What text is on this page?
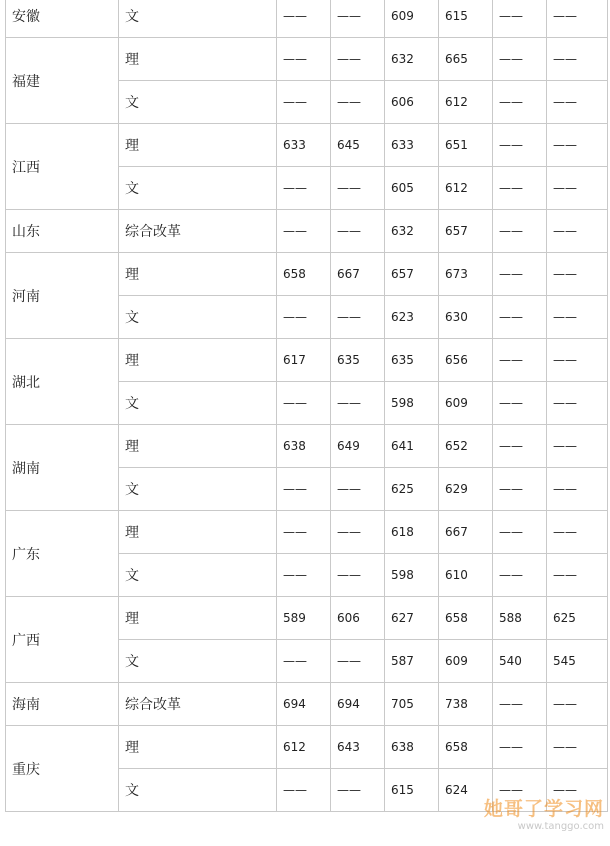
安徽	文	——	——	609	615	——	——
福建	理	——	——	632	665	——	——
	文	——	——	606	612	——	——
江西	理	633	645	633	651	——	——
	文	——	——	605	612	——	——
山东	综合改革	——	——	632	657	——	——
河南	理	658	667	657	673	——	——
	文	——	——	623	630	——	——
湖北	理	617	635	635	656	——	——
	文	——	——	598	609	——	——
湖南	理	638	649	641	652	——	——
	文	——	——	625	629	——	——
广东	理	——	——	618	667	——	——
	文	——	——	598	610	——	——
广西	理	589	606	627	658	588	625
	文	——	——	587	609	540	545
海南	综合改革	694	694	705	738	——	——
重庆	理	612	643	638	658	——	——
	文	——	——	615	624	——	——
她哥了学习网
www.tanggo.com
